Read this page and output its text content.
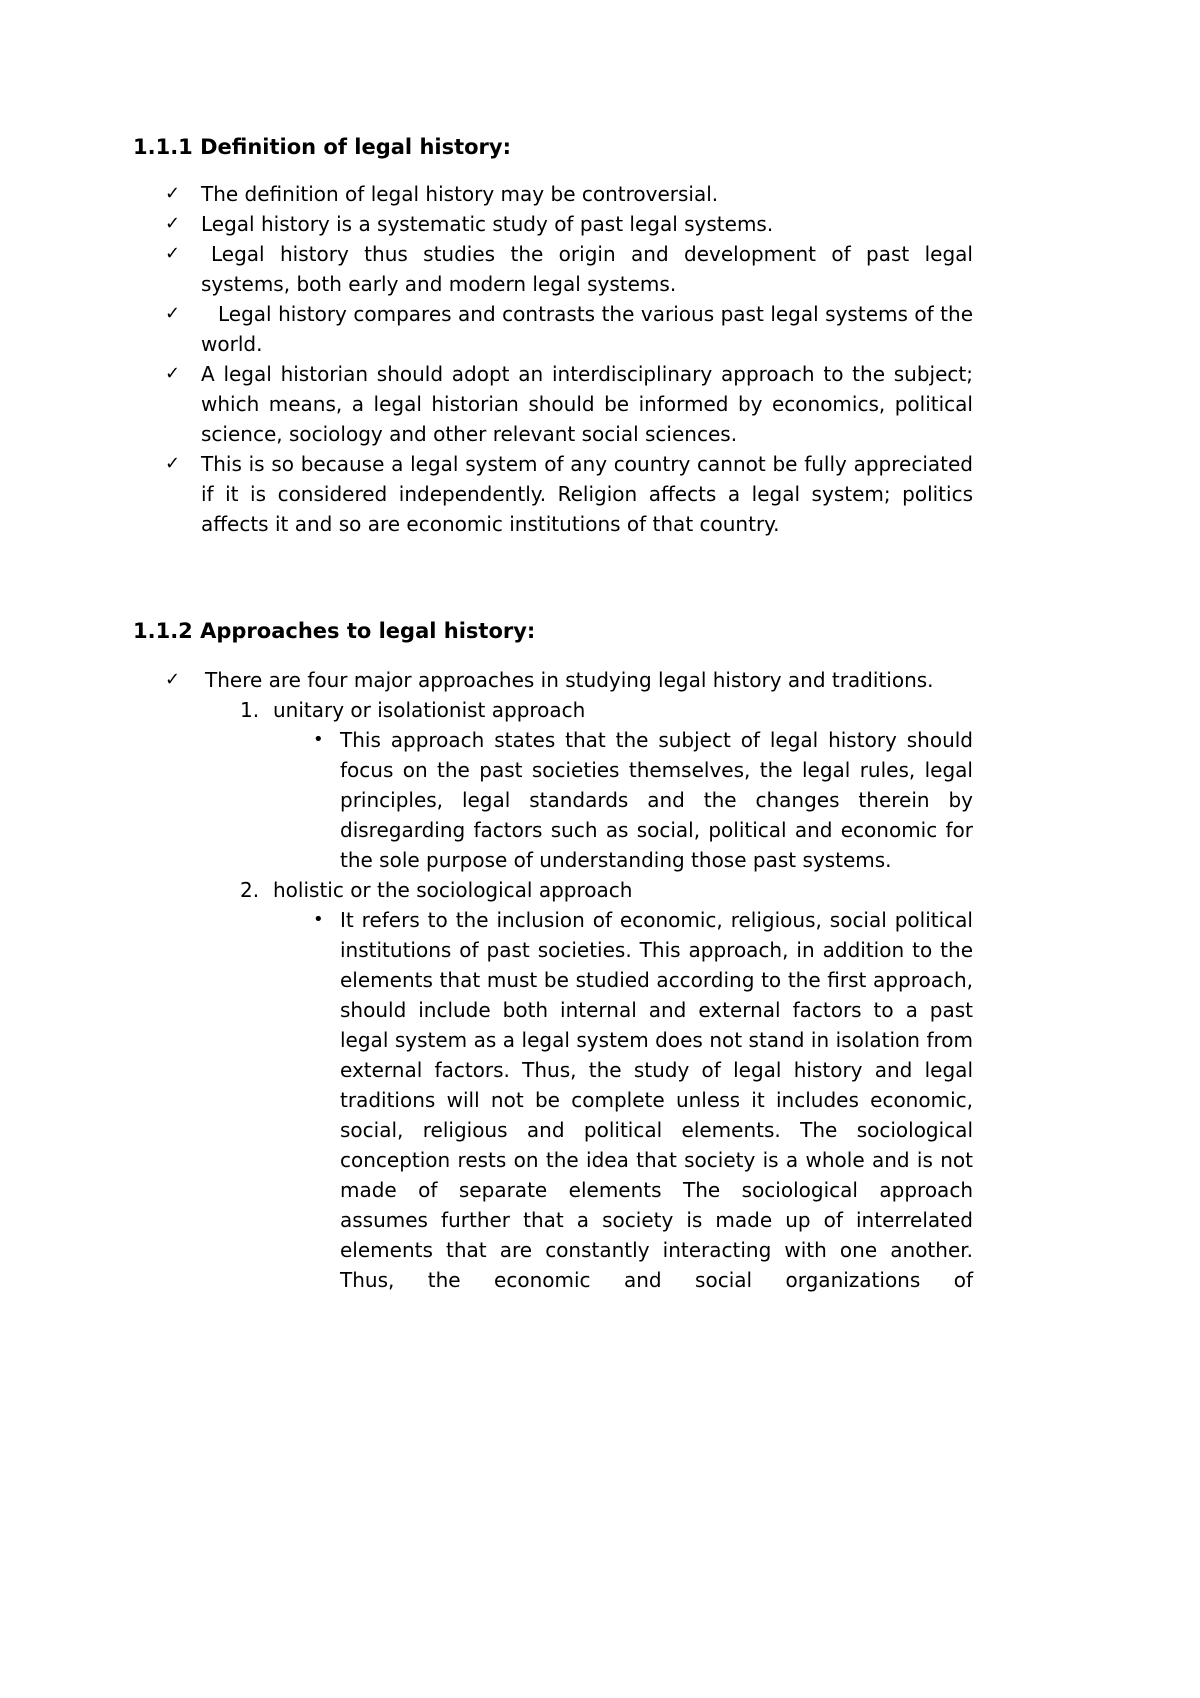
1.1.1 Definition of legal history:
✓ The definition of legal history may be controversial.
✓ Legal history is a systematic study of past legal systems.
✓ Legal history thus studies the origin and development of past legal systems, both early and modern legal systems.
✓ Legal history compares and contrasts the various past legal systems of the world.
✓ A legal historian should adopt an interdisciplinary approach to the subject; which means, a legal historian should be informed by economics, political science, sociology and other relevant social sciences.
✓ This is so because a legal system of any country cannot be fully appreciated if it is considered independently. Religion affects a legal system; politics affects it and so are economic institutions of that country.
1.1.2 Approaches to legal history:
✓ There are four major approaches in studying legal history and traditions.
1. unitary or isolationist approach
• This approach states that the subject of legal history should focus on the past societies themselves, the legal rules, legal principles, legal standards and the changes therein by disregarding factors such as social, political and economic for the sole purpose of understanding those past systems.
2. holistic or the sociological approach
• It refers to the inclusion of economic, religious, social political institutions of past societies. This approach, in addition to the elements that must be studied according to the first approach, should include both internal and external factors to a past legal system as a legal system does not stand in isolation from external factors. Thus, the study of legal history and legal traditions will not be complete unless it includes economic, social, religious and political elements. The sociological conception rests on the idea that society is a whole and is not made of separate elements The sociological approach assumes further that a society is made up of interrelated elements that are constantly interacting with one another. Thus, the economic and social organizations of
